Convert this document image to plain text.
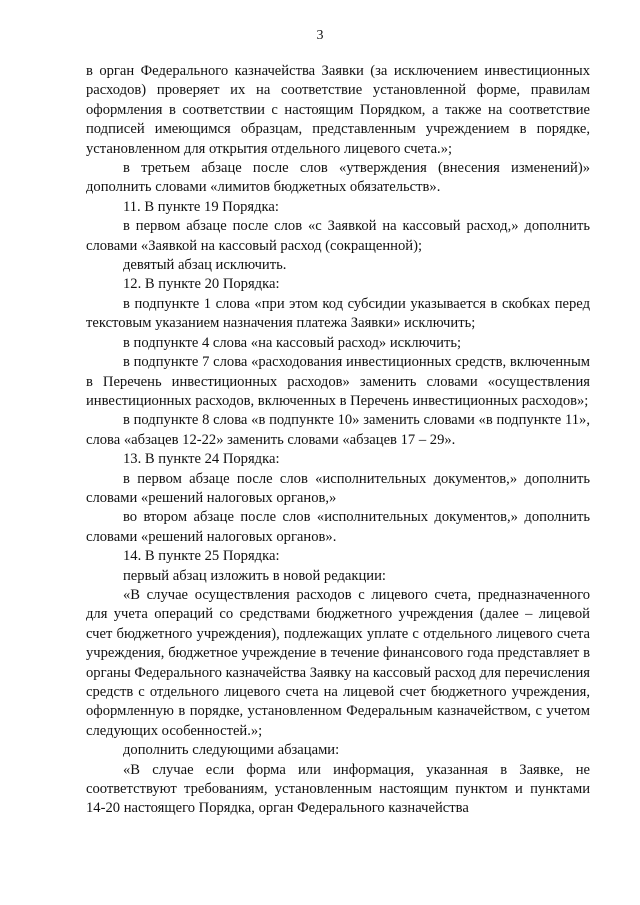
3

в орган Федерального казначейства Заявки (за исключением инвестиционных расходов) проверяет их на соответствие установленной форме, правилам оформления в соответствии с настоящим Порядком, а также на соответствие подписей имеющимся образцам, представленным учреждением в порядке, установленном для открытия отдельного лицевого счета.»;

в третьем абзаце после слов «утверждения (внесения изменений)» дополнить словами «лимитов бюджетных обязательств».

11. В пункте 19 Порядка:

в первом абзаце после слов «с Заявкой на кассовый расход,» дополнить словами «Заявкой на кассовый расход (сокращенной);

девятый абзац исключить.

12. В пункте 20 Порядка:

в подпункте 1 слова «при этом код субсидии указывается в скобках перед текстовым указанием назначения платежа Заявки» исключить;

в подпункте 4 слова «на кассовый расход» исключить;

в подпункте 7 слова «расходования инвестиционных средств, включенным в Перечень инвестиционных расходов» заменить словами «осуществления инвестиционных расходов, включенных в Перечень инвестиционных расходов»;

в подпункте 8 слова «в подпункте 10» заменить словами «в подпункте 11», слова «абзацев 12-22» заменить словами «абзацев 17 – 29».

13. В пункте 24 Порядка:

в первом абзаце после слов «исполнительных документов,» дополнить словами «решений налоговых органов,»

во втором абзаце после слов «исполнительных документов,» дополнить словами «решений налоговых органов».

14. В пункте 25 Порядка:

первый абзац изложить в новой редакции:

«В случае осуществления расходов с лицевого счета, предназначенного для учета операций со средствами бюджетного учреждения (далее – лицевой счет бюджетного учреждения), подлежащих уплате с отдельного лицевого счета учреждения, бюджетное учреждение в течение финансового года представляет в органы Федерального казначейства Заявку на кассовый расход для перечисления средств с отдельного лицевого счета на лицевой счет бюджетного учреждения, оформленную в порядке, установленном Федеральным казначейством, с учетом следующих особенностей.»;

дополнить следующими абзацами:

«В случае если форма или информация, указанная в Заявке, не соответствуют требованиям, установленным настоящим пунктом и пунктами 14-20 настоящего Порядка, орган Федерального казначейства
